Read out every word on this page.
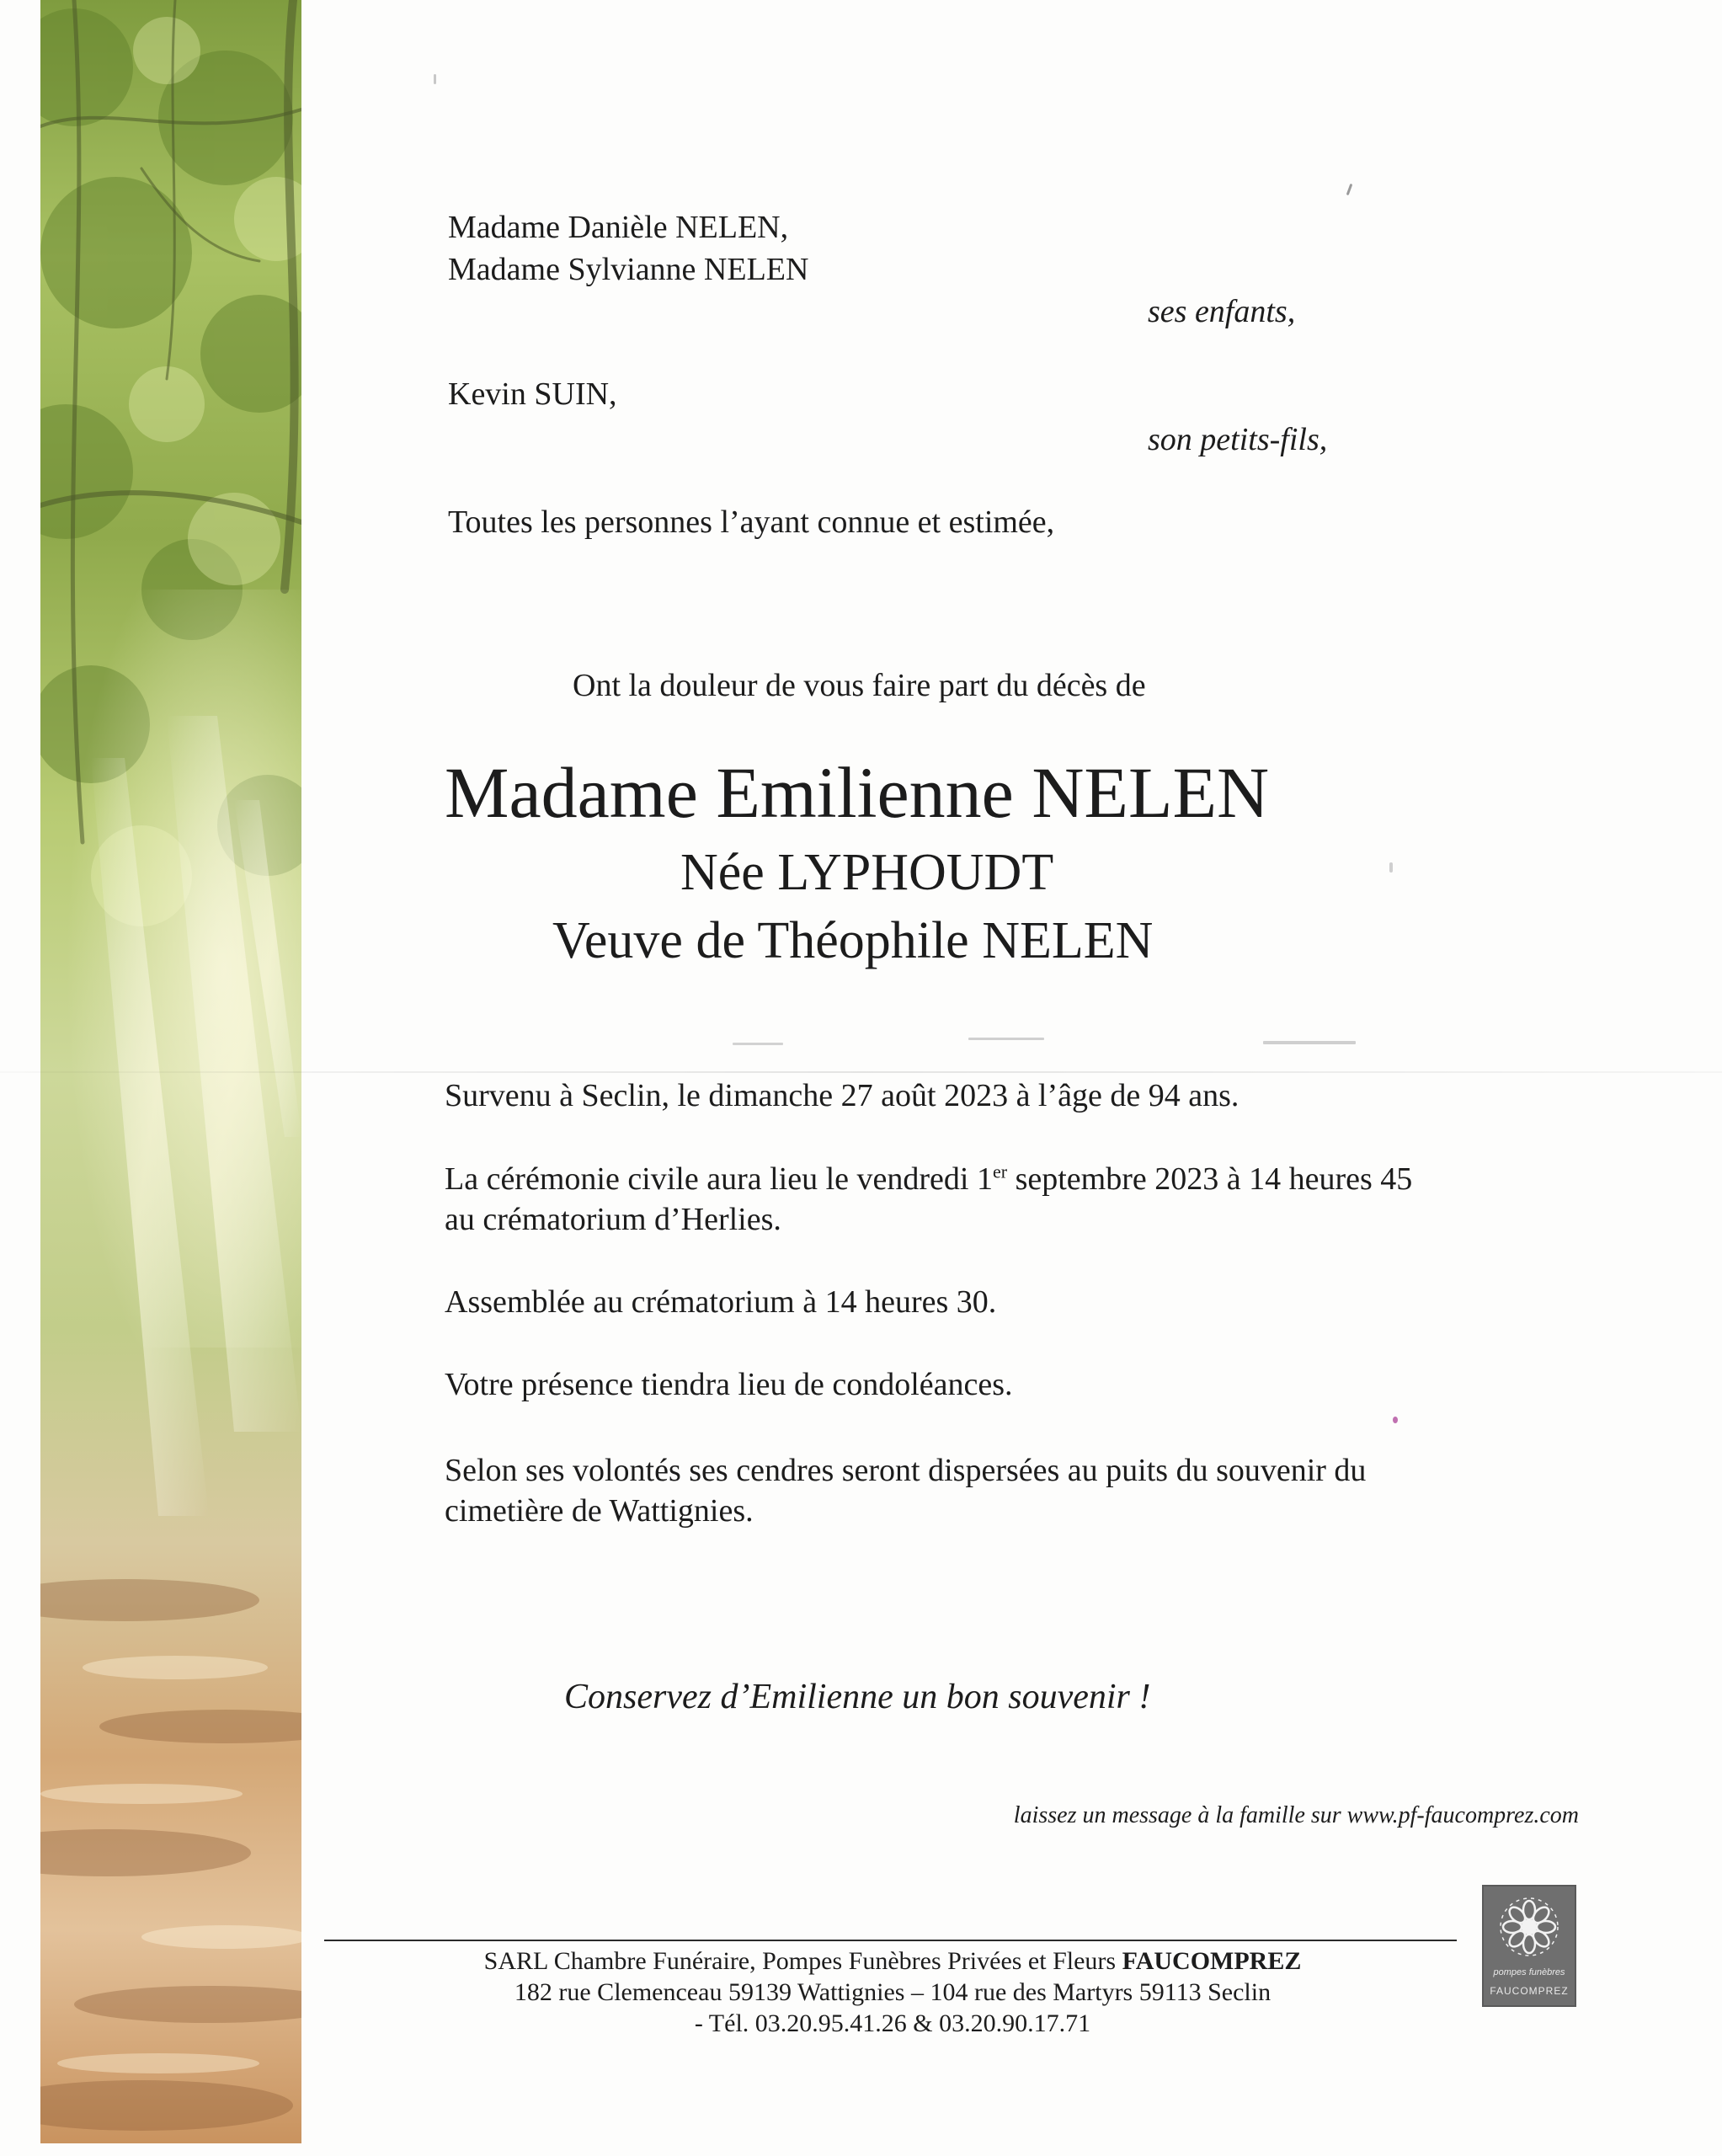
Madame Danièle NELEN,

Madame Sylvianne NELEN

ses enfants,

Kevin SUIN,

son petits-fils,

Toutes les personnes l’ayant connue et estimée,

Ont la douleur de vous faire part du décès de

Madame Emilienne NELEN

Née LYPHOUDT

Veuve de Théophile NELEN

Survenu à Seclin, le dimanche 27 août 2023 à l’âge de 94 ans.

La cérémonie civile aura lieu le vendredi 1er septembre 2023 à 14 heures 45

au crématorium d’Herlies.

Assemblée au crématorium à 14 heures 30.

Votre présence tiendra lieu de condoléances.

Selon ses volontés ses cendres seront dispersées au puits du souvenir du

cimetière de Wattignies.

Conservez d’Emilienne un bon souvenir !

laissez un message à la famille sur www.pf-faucomprez.com

SARL Chambre Funéraire, Pompes Funèbres Privées et Fleurs FAUCOMPREZ
182 rue Clemenceau 59139 Wattignies – 104 rue des Martyrs 59113 Seclin
- Tél. 03.20.95.41.26 & 03.20.90.17.71
pompes funèbres
FAUCOMPREZ
